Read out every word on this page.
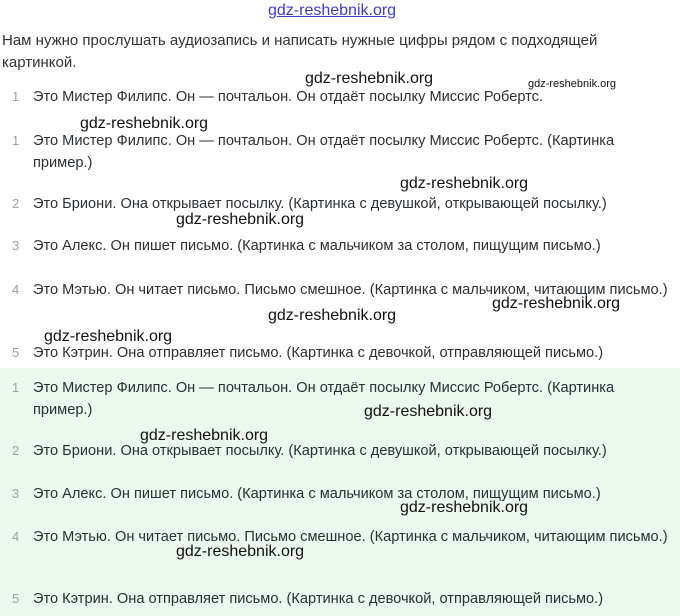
gdz-reshebnik.org
Нам нужно прослушать аудиозапись и написать нужные цифры рядом с подходящей картинкой.
1 Это Мистер Филипс. Он — почтальон. Он отдаёт посылку Миссис Робертс.
1 Это Мистер Филипс. Он — почтальон. Он отдаёт посылку Миссис Робертс. (Картинка пример.)
2 Это Бриони. Она открывает посылку. (Картинка с девушкой, открывающей посылку.)
3 Это Алекс. Он пишет письмо. (Картинка с мальчиком за столом, пищущим письмо.)
4 Это Мэтью. Он читает письмо. Письмо смешное. (Картинка с мальчиком, читающим письмо.)
5 Это Кэтрин. Она отправляет письмо. (Картинка с девочкой, отправляющей письмо.)
1 Это Мистер Филипс. Он — почтальон. Он отдаёт посылку Миссис Робертс. (Картинка пример.)
2 Это Бриони. Она открывает посылку. (Картинка с девушкой, открывающей посылку.)
3 Это Алекс. Он пишет письмо. (Картинка с мальчиком за столом, пищущим письмо.)
4 Это Мэтью. Он читает письмо. Письмо смешное. (Картинка с мальчиком, читающим письмо.)
5 Это Кэтрин. Она отправляет письмо. (Картинка с девочкой, отправляющей письмо.)
gdz-reshebnik.org	gdz-reshebnik.org
gdz-reshebnik.org
gdz-reshebnik.org
gdz-reshebnik.org
gdz-reshebnik.org
gdz-reshebnik.org
gdz-reshebnik.org
gdz-reshebnik.org
gdz-reshebnik.org
gdz-reshebnik.org
gdz-reshebnik.org
